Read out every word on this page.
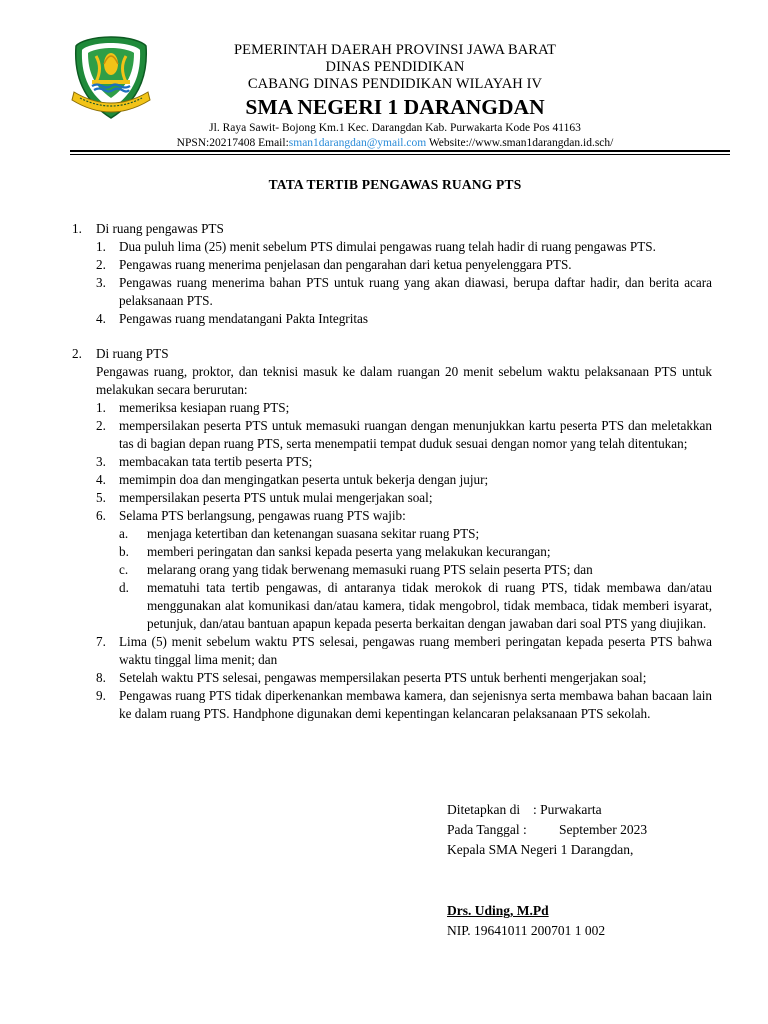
PEMERINTAH DAERAH PROVINSI JAWA BARAT
DINAS PENDIDIKAN
CABANG DINAS PENDIDIKAN WILAYAH IV
SMA NEGERI 1 DARANGDAN
Jl. Raya Sawit- Bojong Km.1 Kec. Darangdan Kab. Purwakarta Kode Pos 41163
NPSN:20217408 Email:sman1darangdan@ymail.com Website://www.sman1darangdan.id.sch/
TATA TERTIB PENGAWAS RUANG PTS
1. Di ruang pengawas PTS
1. Dua puluh lima (25) menit sebelum PTS dimulai pengawas ruang telah hadir di ruang pengawas PTS.
2. Pengawas ruang menerima penjelasan dan pengarahan dari ketua penyelenggara PTS.
3. Pengawas ruang menerima bahan PTS untuk ruang yang akan diawasi, berupa daftar hadir, dan berita acara pelaksanaan PTS.
4. Pengawas ruang mendatangani Pakta Integritas
2. Di ruang PTS
Pengawas ruang, proktor, dan teknisi masuk ke dalam ruangan 20 menit sebelum waktu pelaksanaan PTS untuk melakukan secara berurutan:
1. memeriksa kesiapan ruang PTS;
2. mempersilakan peserta PTS untuk memasuki ruangan dengan menunjukkan kartu peserta PTS dan meletakkan tas di bagian depan ruang PTS, serta menempatii tempat duduk sesuai dengan nomor yang telah ditentukan;
3. membacakan tata tertib peserta PTS;
4. memimpin doa dan mengingatkan peserta untuk bekerja dengan jujur;
5. mempersilakan peserta PTS untuk mulai mengerjakan soal;
6. Selama PTS berlangsung, pengawas ruang PTS wajib:
a. menjaga ketertiban dan ketenangan suasana sekitar ruang PTS;
b. memberi peringatan dan sanksi kepada peserta yang melakukan kecurangan;
c. melarang orang yang tidak berwenang memasuki ruang PTS selain peserta PTS; dan
d. mematuhi tata tertib pengawas, di antaranya tidak merokok di ruang PTS, tidak membawa dan/atau menggunakan alat komunikasi dan/atau kamera, tidak mengobrol, tidak membaca, tidak memberi isyarat, petunjuk, dan/atau bantuan apapun kepada peserta berkaitan dengan jawaban dari soal PTS yang diujikan.
7. Lima (5) menit sebelum waktu PTS selesai, pengawas ruang memberi peringatan kepada peserta PTS bahwa waktu tinggal lima menit; dan
8. Setelah waktu PTS selesai, pengawas mempersilakan peserta PTS untuk berhenti mengerjakan soal;
9. Pengawas ruang PTS tidak diperkenankan membawa kamera, dan sejenisnya serta membawa bahan bacaan lain ke dalam ruang PTS. Handphone digunakan demi kepentingan kelancaran pelaksanaan PTS sekolah.
Ditetapkan di : Purwakarta
Pada Tanggal : September 2023
Kepala SMA Negeri 1 Darangdan,
Drs. Uding, M.Pd
NIP. 19641011 200701 1 002
